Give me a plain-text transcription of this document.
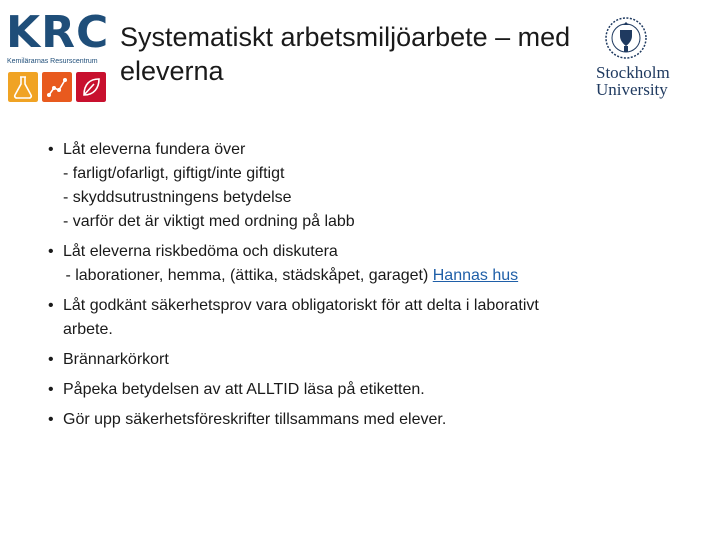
KRC
Kemilärarnas Resurscentrum
Systematiskt arbetsmiljöarbete – med eleverna	Stockholm
University
• Låt eleverna fundera över
- farligt/ofarligt, giftigt/inte giftigt
- skyddsutrustningens betydelse
- varför det är viktigt med ordning på labb
• Låt eleverna riskbedöma och diskutera
- laborationer, hemma, (ättika, städskåpet, garaget) Hannas hus
• Låt godkänt säkerhetsprov vara obligatoriskt för att delta i laborativt arbete.
• Brännarkörkort
• Påpeka betydelsen av att ALLTID läsa på etiketten.
• Gör upp säkerhetsföreskrifter tillsammans med elever.
